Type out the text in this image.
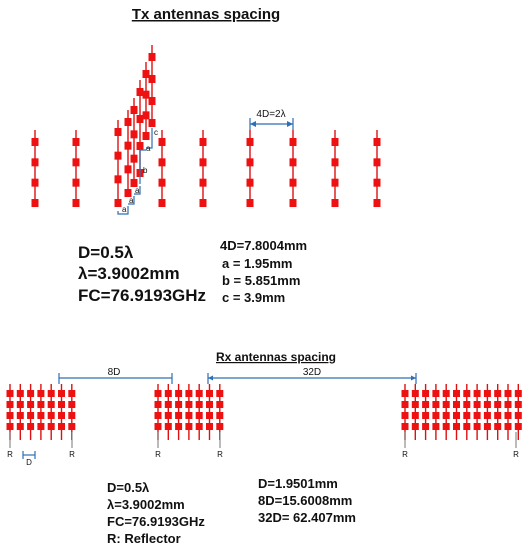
Tx antennas spacing
a
a
a
b
c
a
4D=2λ
D=0.5λ
λ=3.9002mm
FC=76.9193GHz
4D=7.8004mm
a = 1.95mm
b = 5.851mm
c = 3.9mm
Rx antennas spacing
8D	32D
R	R	R	R	R	R
D
D=0.5λ
λ=3.9002mm
FC=76.9193GHz
R: Reflector
D=1.9501mm
8D=15.6008mm
32D= 62.407mm
